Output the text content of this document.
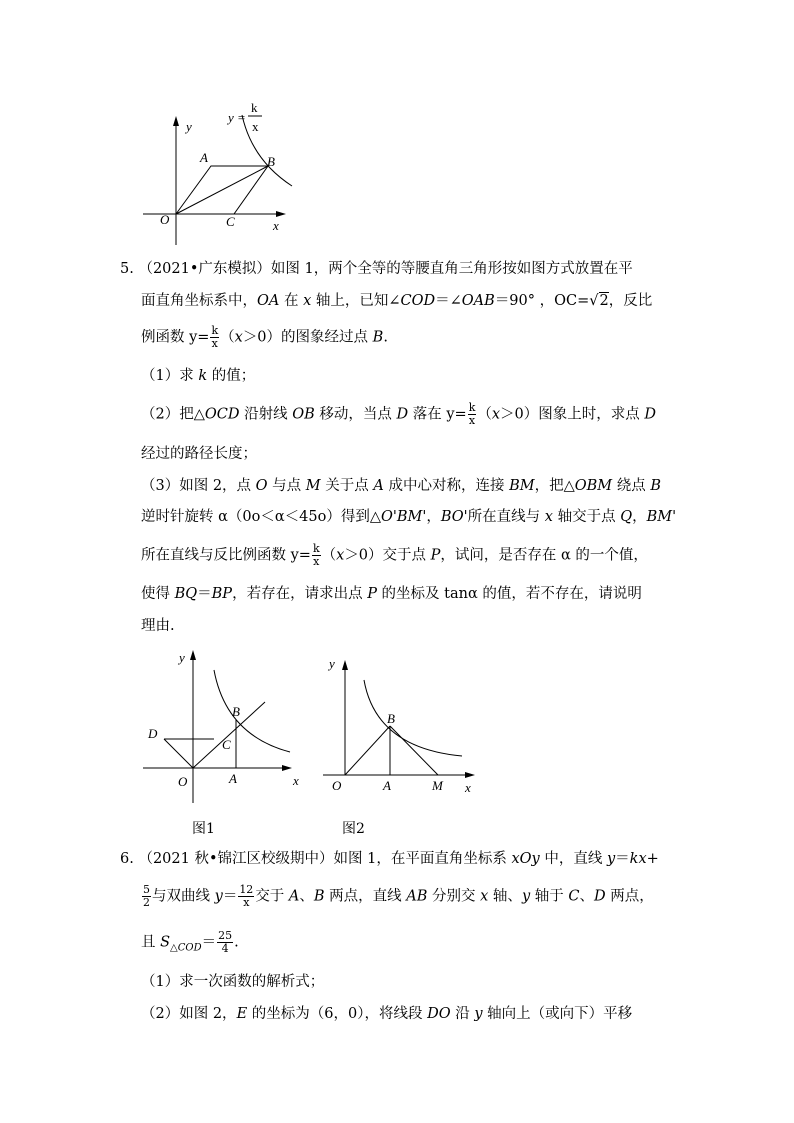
y
x
O
A	B
C
y =
k
x
5. （2021•广东模拟）如图 1，两个全等的等腰直角三角形按如图方式放置在平
面直角坐标系中，OA 在 x 轴上，已知∠COD＝∠OAB＝90° ，OC=√2，反比
例函数 $y= \frac{k}{x} (x>0)$的图象经过点 B.
（1）求 k 的值；
（2）把△OCD 沿射线 OB 移动，当点 D 落在 $y= \frac{k}{x} (x>0)$图象上时，求点 D
经过的路径长度；
（3）如图 2，点 O 与点 M 关于点 A 成中心对称，连接 BM，把△OBM 绕点 B
逆时针旋转 α（0o＜α＜45o）得到△O'BM'，BO'所在直线与 x 轴交于点 Q，BM'
所在直线与反比例函数 $y= \frac{k}{x} (x>0)$交于点 P，试问，是否存在 α 的一个值，
使得 BQ＝BP，若存在，请求出点 P 的坐标及 tanα 的值，若不存在，请说明
理由.
y
x
O	A
B
C
D
y
x
O	A
B
M
图1	图2
6. （2021 秋•锦江区校级期中）如图 1，在平面直角坐标系 xOy 中，直线 y＝kx+
$\frac{5}{2}$ 与双曲线 $y= \frac{12}{x}$ 交于 A、B 两点，直线 AB 分别交 x 轴、y 轴于 C、D 两点，
且 $S_{\triangle COD}= \frac{25}{4}$ .
（1）求一次函数的解析式；
（2）如图 2，E 的坐标为（6，0），将线段 DO 沿 y 轴向上（或向下）平移
